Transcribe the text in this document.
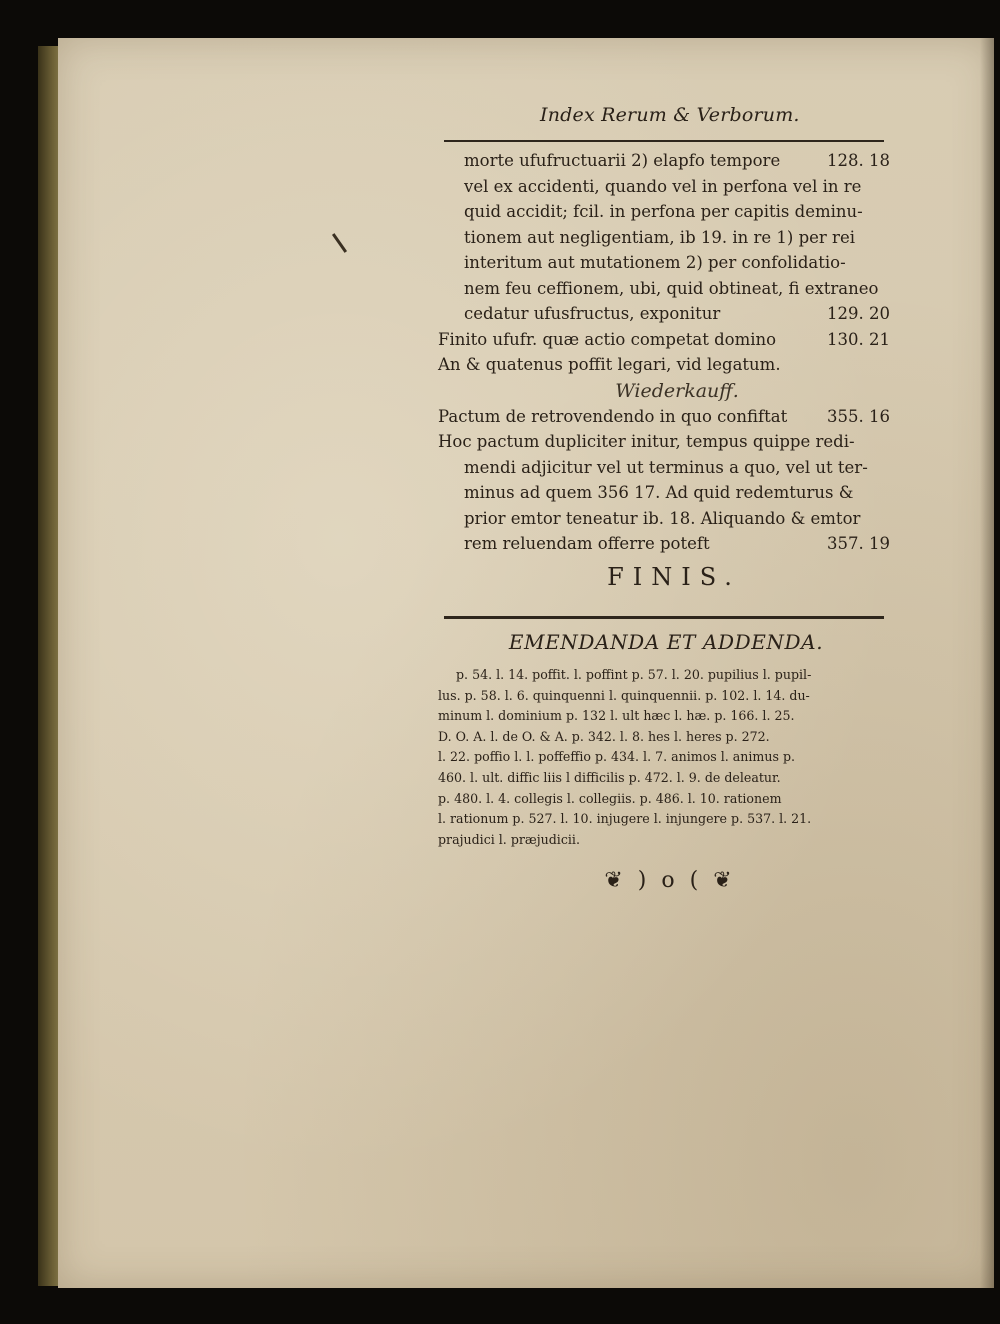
Index Rerum & Verborum.
morte ufufructuarii 2) elapfo tempore	128. 18
vel ex accidenti, quando vel in perfona vel in re
quid accidit; fcil. in perfona per capitis deminu-
tionem aut negligentiam, ib 19. in re 1) per rei
interitum aut mutationem 2) per confolidatio-
nem feu ceffionem, ubi, quid obtineat, fi extraneo
cedatur ufusfructus, exponitur	129. 20
Finito ufufr. quæ actio competat domino	130. 21
An & quatenus poffit legari, vid legatum.
Wiederkauff.
Pactum de retrovendendo in quo confiftat	355. 16
Hoc pactum dupliciter initur, tempus quippe redi-
mendi adjicitur vel ut terminus a quo, vel ut ter-
minus ad quem 356 17. Ad quid redemturus &
prior emtor teneatur ib. 18. Aliquando & emtor
rem reluendam offerre poteft	357. 19
FINIS.
EMENDANDA ET ADDENDA.
p. 54. l. 14. poffit. l. poffint p. 57. l. 20. pupilius l. pupil-
lus. p. 58. l. 6. quinquenni l. quinquennii. p. 102. l. 14. du-
minum l. dominium p. 132 l. ult hæc l. hæ. p. 166. l. 25.
D. O. A. l. de O. & A. p. 342. l. 8. hes l. heres p. 272.
l. 22. poffio l. l. poffeffio p. 434. l. 7. animos l. animus p.
460. l. ult. diffic liis l difficilis p. 472. l. 9. de deleatur.
p. 480. l. 4. collegis l. collegiis. p. 486. l. 10. rationem
l. rationum p. 527. l. 10. injugere l. injungere p. 537. l. 21.
prajudici l. præjudicii.
❦ ) o ( ❦
